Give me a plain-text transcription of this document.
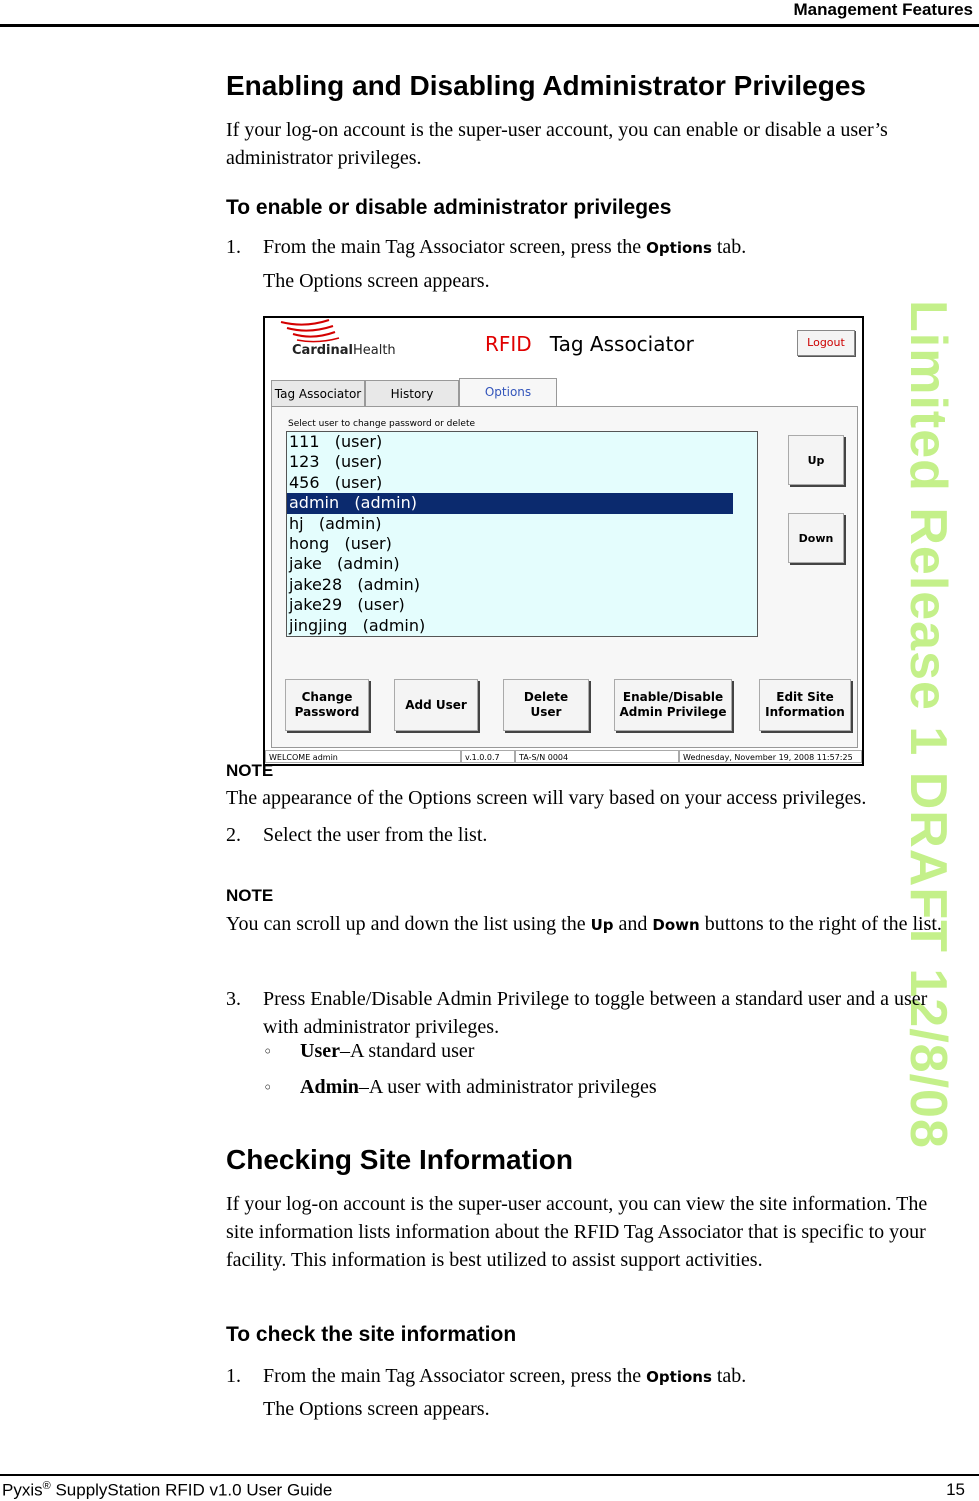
Management Features
Limited Release 1 DRAFT 12/8/08
Enabling and Disabling Administrator Privileges
If your log-on account is the super-user account, you can enable or disable a user’s administrator privileges.
To enable or disable administrator privileges
1. From the main Tag Associator screen, press the Options tab.
The Options screen appears.
CardinalHealth	RFID Tag Associator	Logout
Tag Associator	History	Options
Select user to change password or delete
111   (user)
123   (user)
456   (user)
admin   (admin)
hj   (admin)
hong   (user)
jake   (admin)
jake28   (admin)
jake29   (user)
jingjing   (admin)
Up
Down
Change
Password
Add User
Delete
User
Enable/Disable
Admin Privilege
Edit Site
Information
WELCOME admin	v.1.0.0.7	TA-S/N 0004	Wednesday, November 19, 2008 11:57:25
NOTE
The appearance of the Options screen will vary based on your access privileges.
2. Select the user from the list.
NOTE
You can scroll up and down the list using the Up and Down buttons to the right of the list.
3. Press Enable/Disable Admin Privilege to toggle between a standard user and a user with administrator privileges.
◦ User–A standard user
◦ Admin–A user with administrator privileges
Checking Site Information
If your log-on account is the super-user account, you can view the site information. The site information lists information about the RFID Tag Associator that is specific to your facility. This information is best utilized to assist support activities.
To check the site information
1. From the main Tag Associator screen, press the Options tab.
The Options screen appears.
Pyxis® SupplyStation RFID v1.0 User Guide	15
